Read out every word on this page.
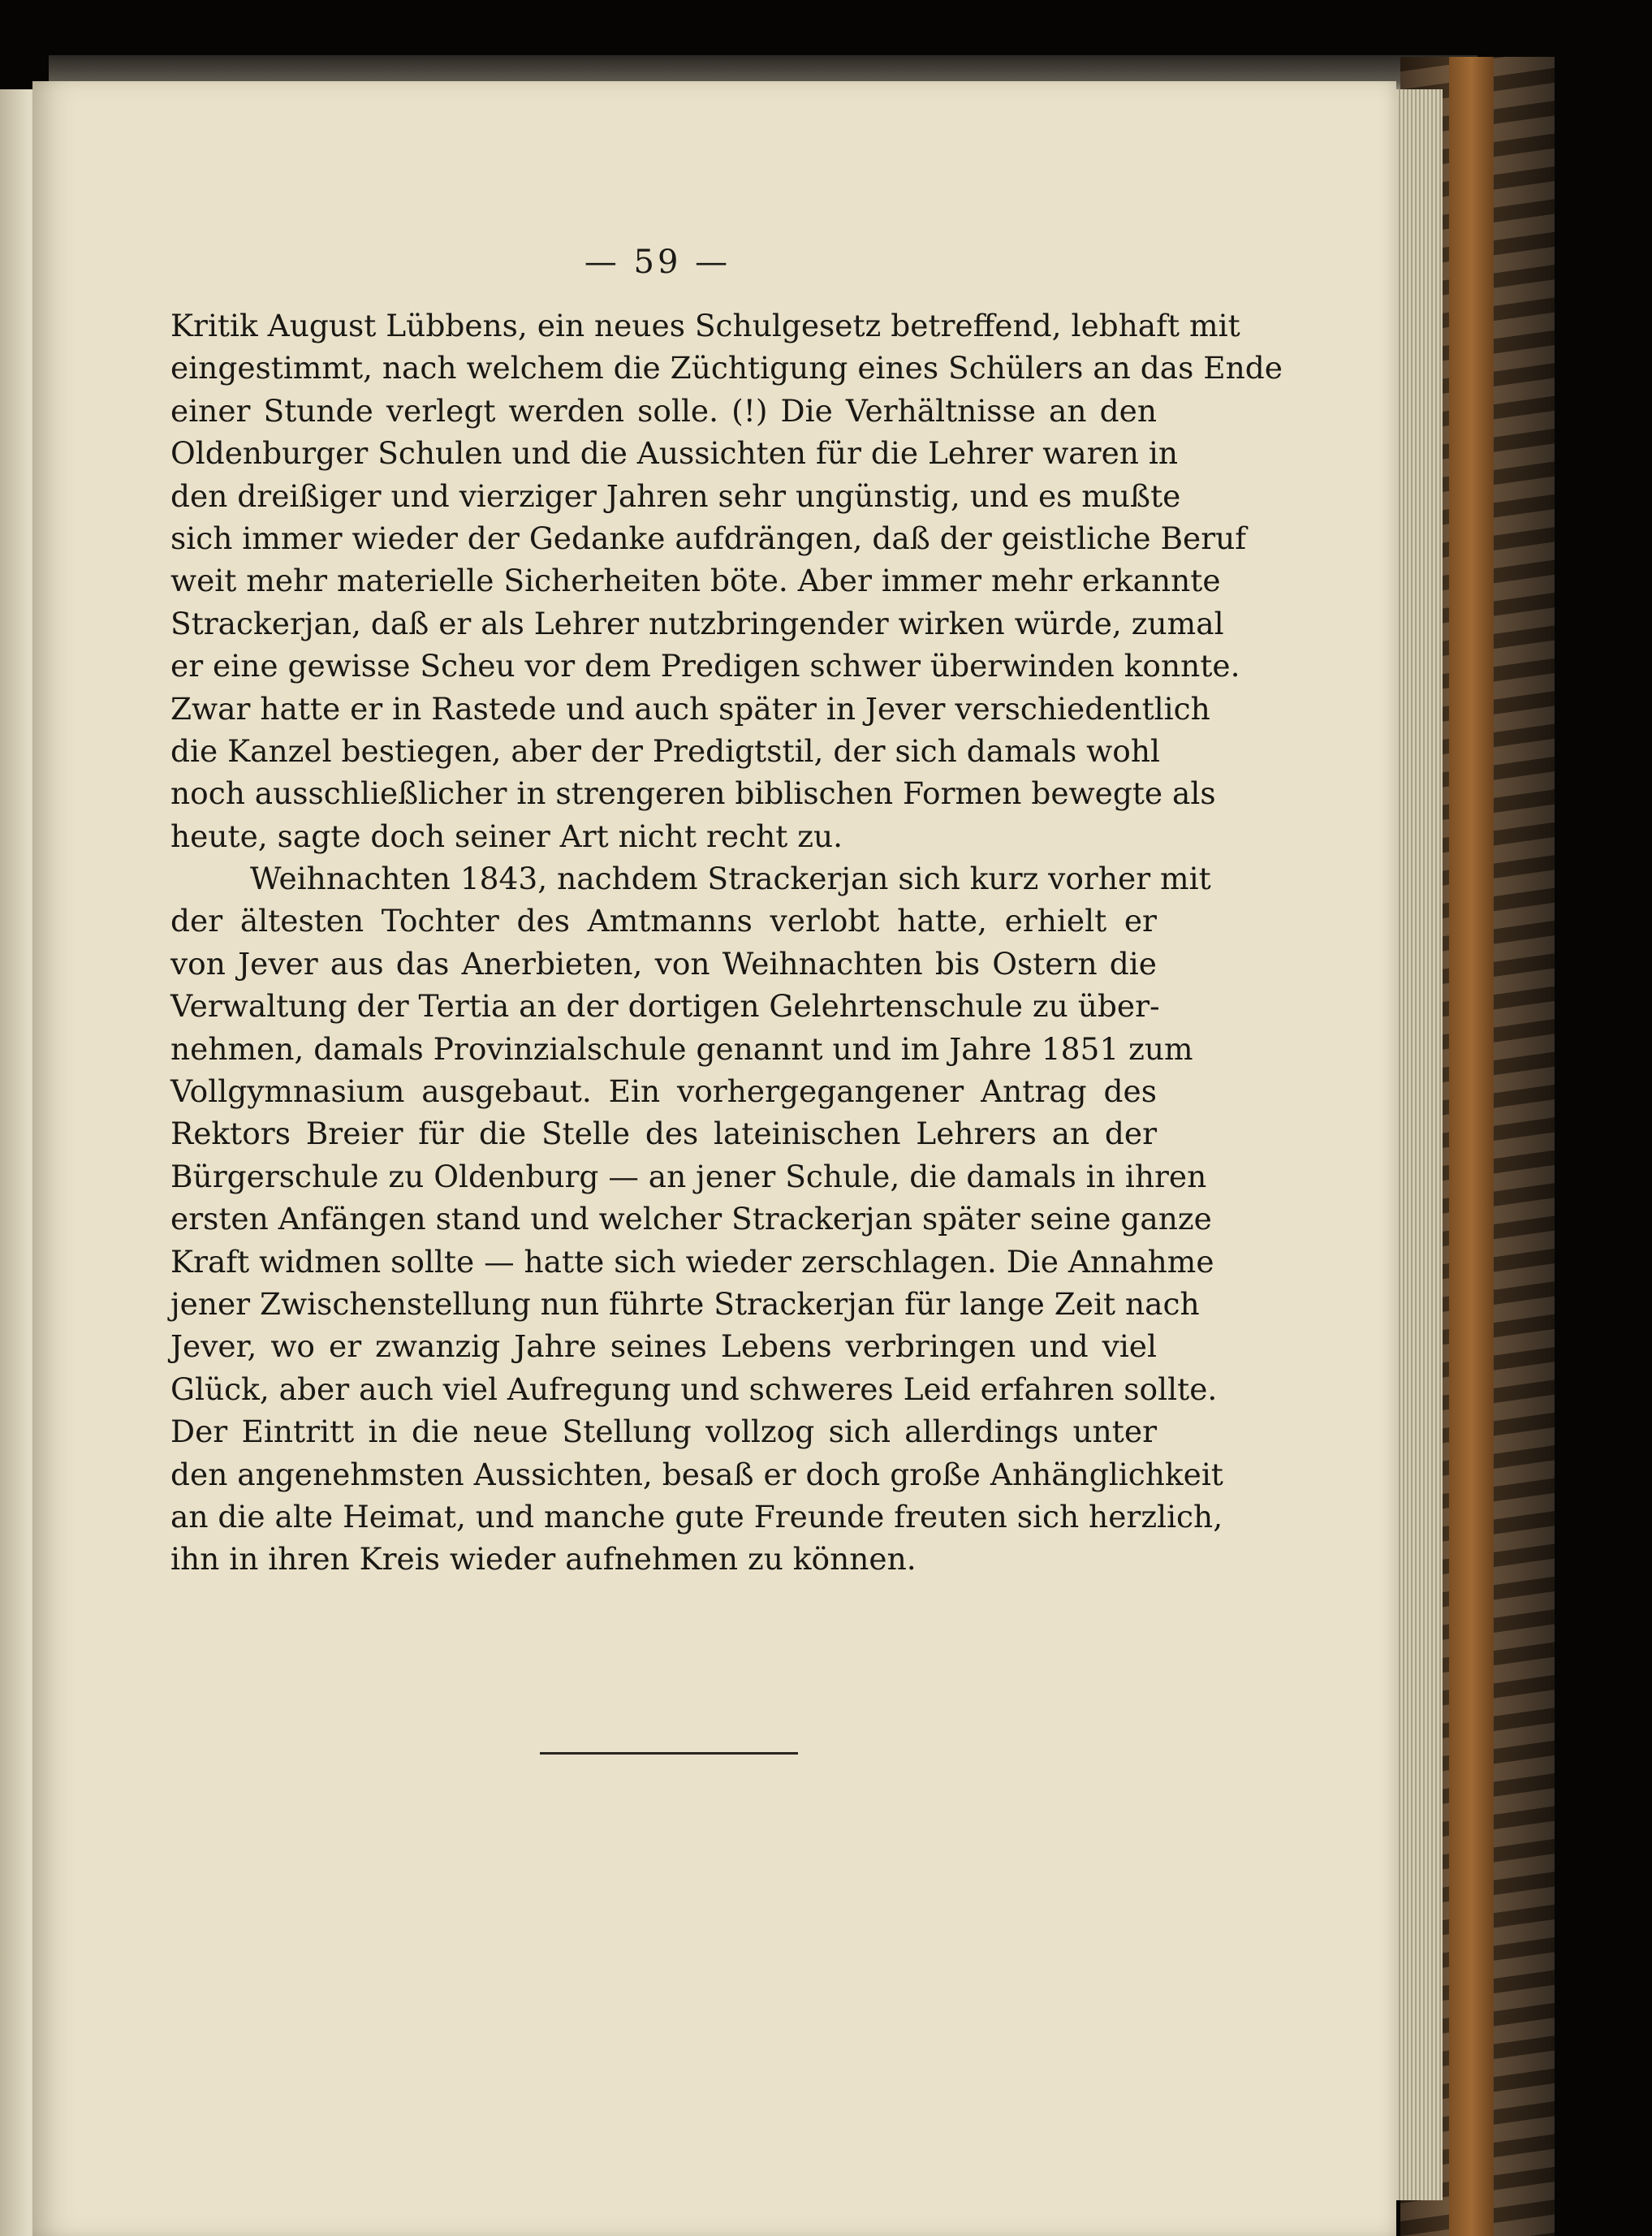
— 59 —
Kritik August Lübbens, ein neues Schulgesetz betreffend, lebhaft mit
eingestimmt, nach welchem die Züchtigung eines Schülers an das Ende
einer Stunde verlegt werden solle. (!) Die Verhältnisse an den
Oldenburger Schulen und die Aussichten für die Lehrer waren in
den dreißiger und vierziger Jahren sehr ungünstig, und es mußte
sich immer wieder der Gedanke aufdrängen, daß der geistliche Beruf
weit mehr materielle Sicherheiten böte. Aber immer mehr erkannte
Strackerjan, daß er als Lehrer nutzbringender wirken würde, zumal
er eine gewisse Scheu vor dem Predigen schwer überwinden konnte.
Zwar hatte er in Rastede und auch später in Jever verschiedentlich
die Kanzel bestiegen, aber der Predigtstil, der sich damals wohl
noch ausschließlicher in strengeren biblischen Formen bewegte als
heute, sagte doch seiner Art nicht recht zu.
Weihnachten 1843, nachdem Strackerjan sich kurz vorher mit
der ältesten Tochter des Amtmanns verlobt hatte, erhielt er
von Jever aus das Anerbieten, von Weihnachten bis Ostern die
Verwaltung der Tertia an der dortigen Gelehrtenschule zu über-
nehmen, damals Provinzialschule genannt und im Jahre 1851 zum
Vollgymnasium ausgebaut. Ein vorhergegangener Antrag des
Rektors Breier für die Stelle des lateinischen Lehrers an der
Bürgerschule zu Oldenburg — an jener Schule, die damals in ihren
ersten Anfängen stand und welcher Strackerjan später seine ganze
Kraft widmen sollte — hatte sich wieder zerschlagen. Die Annahme
jener Zwischenstellung nun führte Strackerjan für lange Zeit nach
Jever, wo er zwanzig Jahre seines Lebens verbringen und viel
Glück, aber auch viel Aufregung und schweres Leid erfahren sollte.
Der Eintritt in die neue Stellung vollzog sich allerdings unter
den angenehmsten Aussichten, besaß er doch große Anhänglichkeit
an die alte Heimat, und manche gute Freunde freuten sich herzlich,
ihn in ihren Kreis wieder aufnehmen zu können.
